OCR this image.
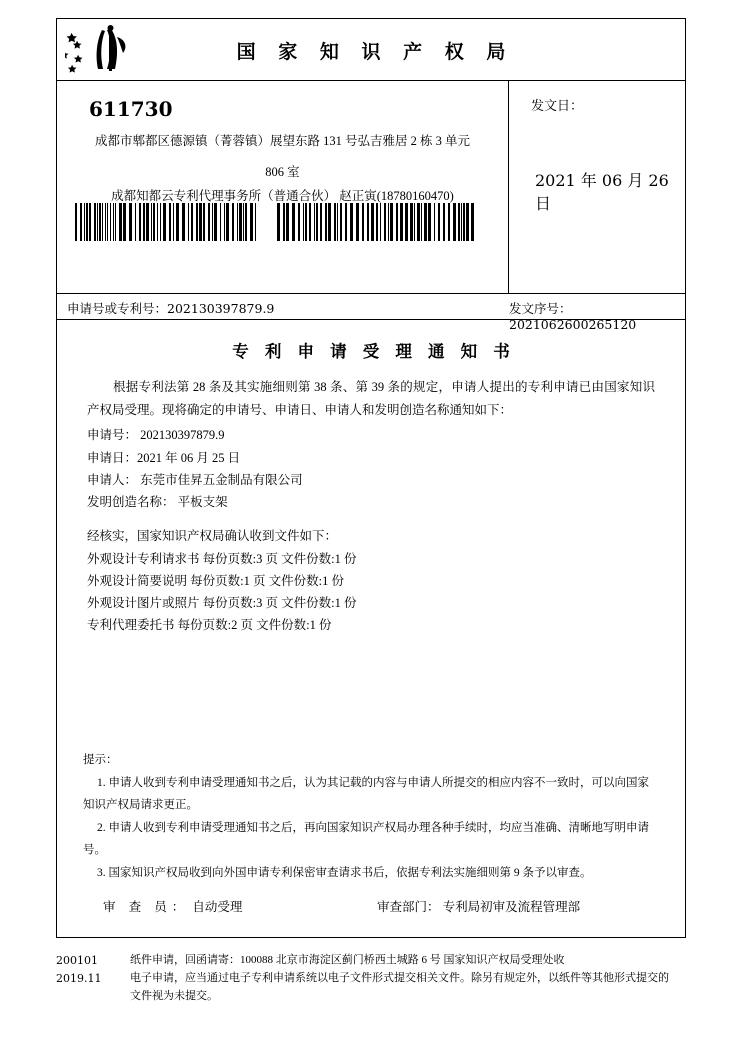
国 家 知 识 产 权 局
611730
成都市郫都区德源镇（菁蓉镇）展望东路 131 号弘吉雅居 2 栋 3 单元
806 室
成都知都云专利代理事务所（普通合伙） 赵正寅(18780160470)
发文日：
2021 年 06 月 26 日
申请号或专利号：202130397879.9	发文序号：2021062600265120
专 利 申 请 受 理 通 知 书
根据专利法第 28 条及其实施细则第 38 条、第 39 条的规定，申请人提出的专利申请已由国家知识产权局受理。现将确定的申请号、申请日、申请人和发明创造名称通知如下：
申请号： 202130397879.9
申请日：2021 年 06 月 25 日
申请人： 东莞市佳昇五金制品有限公司
发明创造名称： 平板支架
经核实，国家知识产权局确认收到文件如下：
外观设计专利请求书 每份页数:3 页 文件份数:1 份
外观设计简要说明 每份页数:1 页 文件份数:1 份
外观设计图片或照片 每份页数:3 页 文件份数:1 份
专利代理委托书 每份页数:2 页 文件份数:1 份
提示：
1. 申请人收到专利申请受理通知书之后，认为其记载的内容与申请人所提交的相应内容不一致时，可以向国家知识产权局请求更正。
2. 申请人收到专利申请受理通知书之后，再向国家知识产权局办理各种手续时，均应当准确、清晰地写明申请号。
3. 国家知识产权局收到向外国申请专利保密审查请求书后，依据专利法实施细则第 9 条予以审查。
审 查 员： 自动受理	审查部门： 专利局初审及流程管理部
200101
2019.11
纸件申请，回函请寄：100088 北京市海淀区蓟门桥西土城路 6 号 国家知识产权局受理处收
电子申请，应当通过电子专利申请系统以电子文件形式提交相关文件。除另有规定外，以纸件等其他形式提交的
文件视为未提交。
